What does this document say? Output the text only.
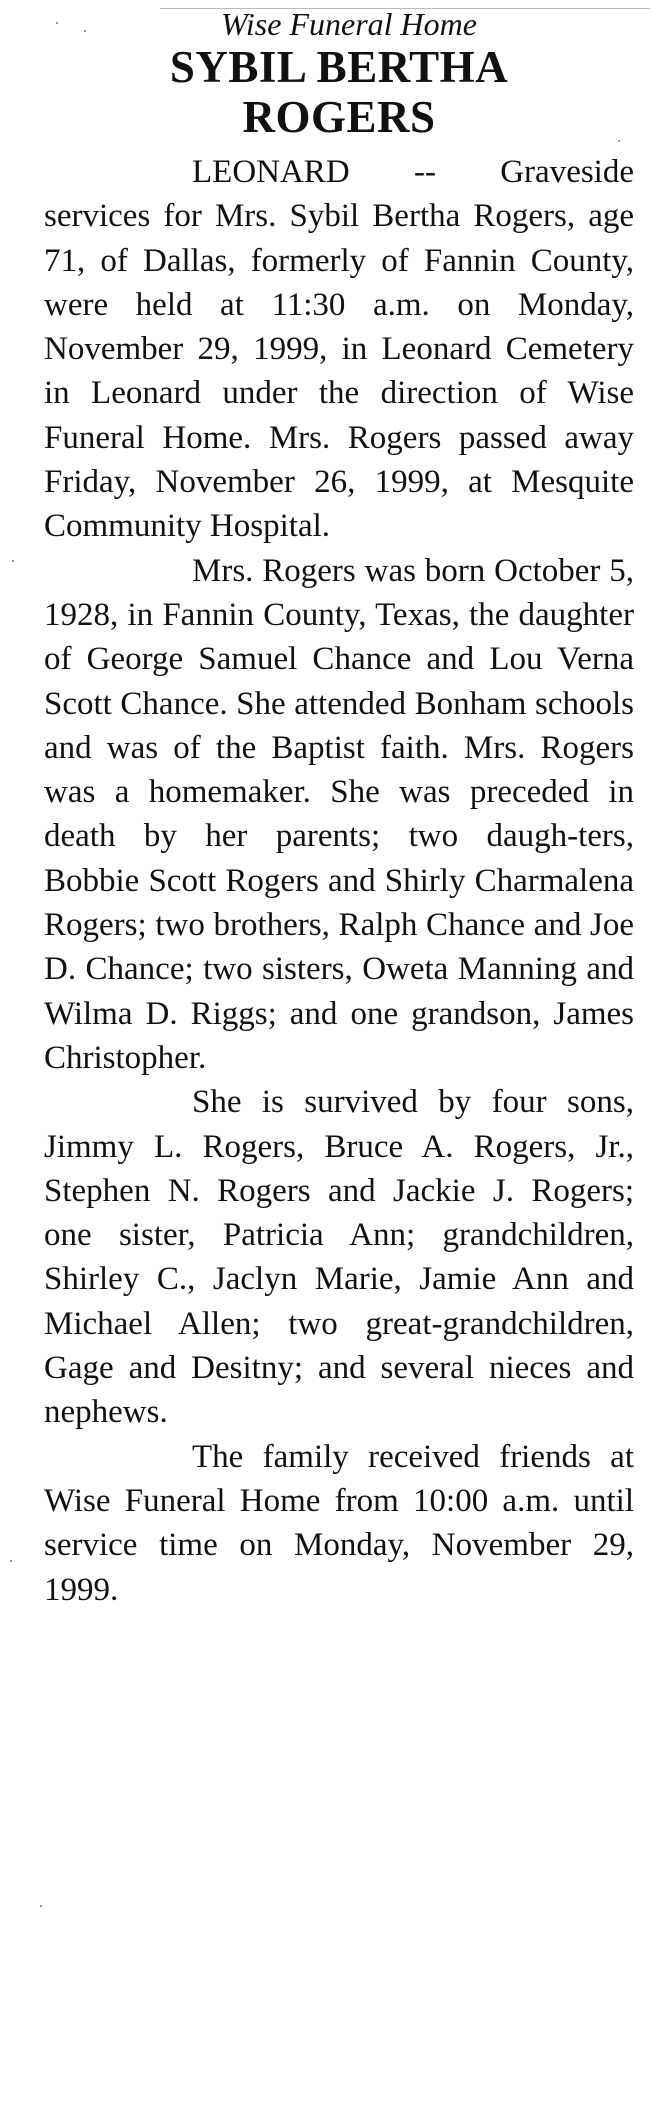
Wise Funeral Home

SYBIL BERTHA

ROGERS

LEONARD -- Graveside services for Mrs. Sybil Bertha Rogers, age 71, of Dallas, formerly of Fannin County, were held at 11:30 a.m. on Monday, November 29, 1999, in Leonard Cemetery in Leonard under the direction of Wise Funeral Home. Mrs. Rogers passed away Friday, November 26, 1999, at Mesquite Community Hospital.

Mrs. Rogers was born October 5, 1928, in Fannin County, Texas, the daughter of George Samuel Chance and Lou Verna Scott Chance. She attended Bonham schools and was of the Baptist faith. Mrs. Rogers was a homemaker. She was preceded in death by her parents; two daugh-ters, Bobbie Scott Rogers and Shirly Charmalena Rogers; two brothers, Ralph Chance and Joe D. Chance; two sisters, Oweta Manning and Wilma D. Riggs; and one grandson, James Christopher.

She is survived by four sons, Jimmy L. Rogers, Bruce A. Rogers, Jr., Stephen N. Rogers and Jackie J. Rogers; one sister, Patricia Ann; grandchildren, Shirley C., Jaclyn Marie, Jamie Ann and Michael Allen; two great-grandchildren, Gage and Desitny; and several nieces and nephews.

The family received friends at Wise Funeral Home from 10:00 a.m. until service time on Monday, November 29, 1999.
